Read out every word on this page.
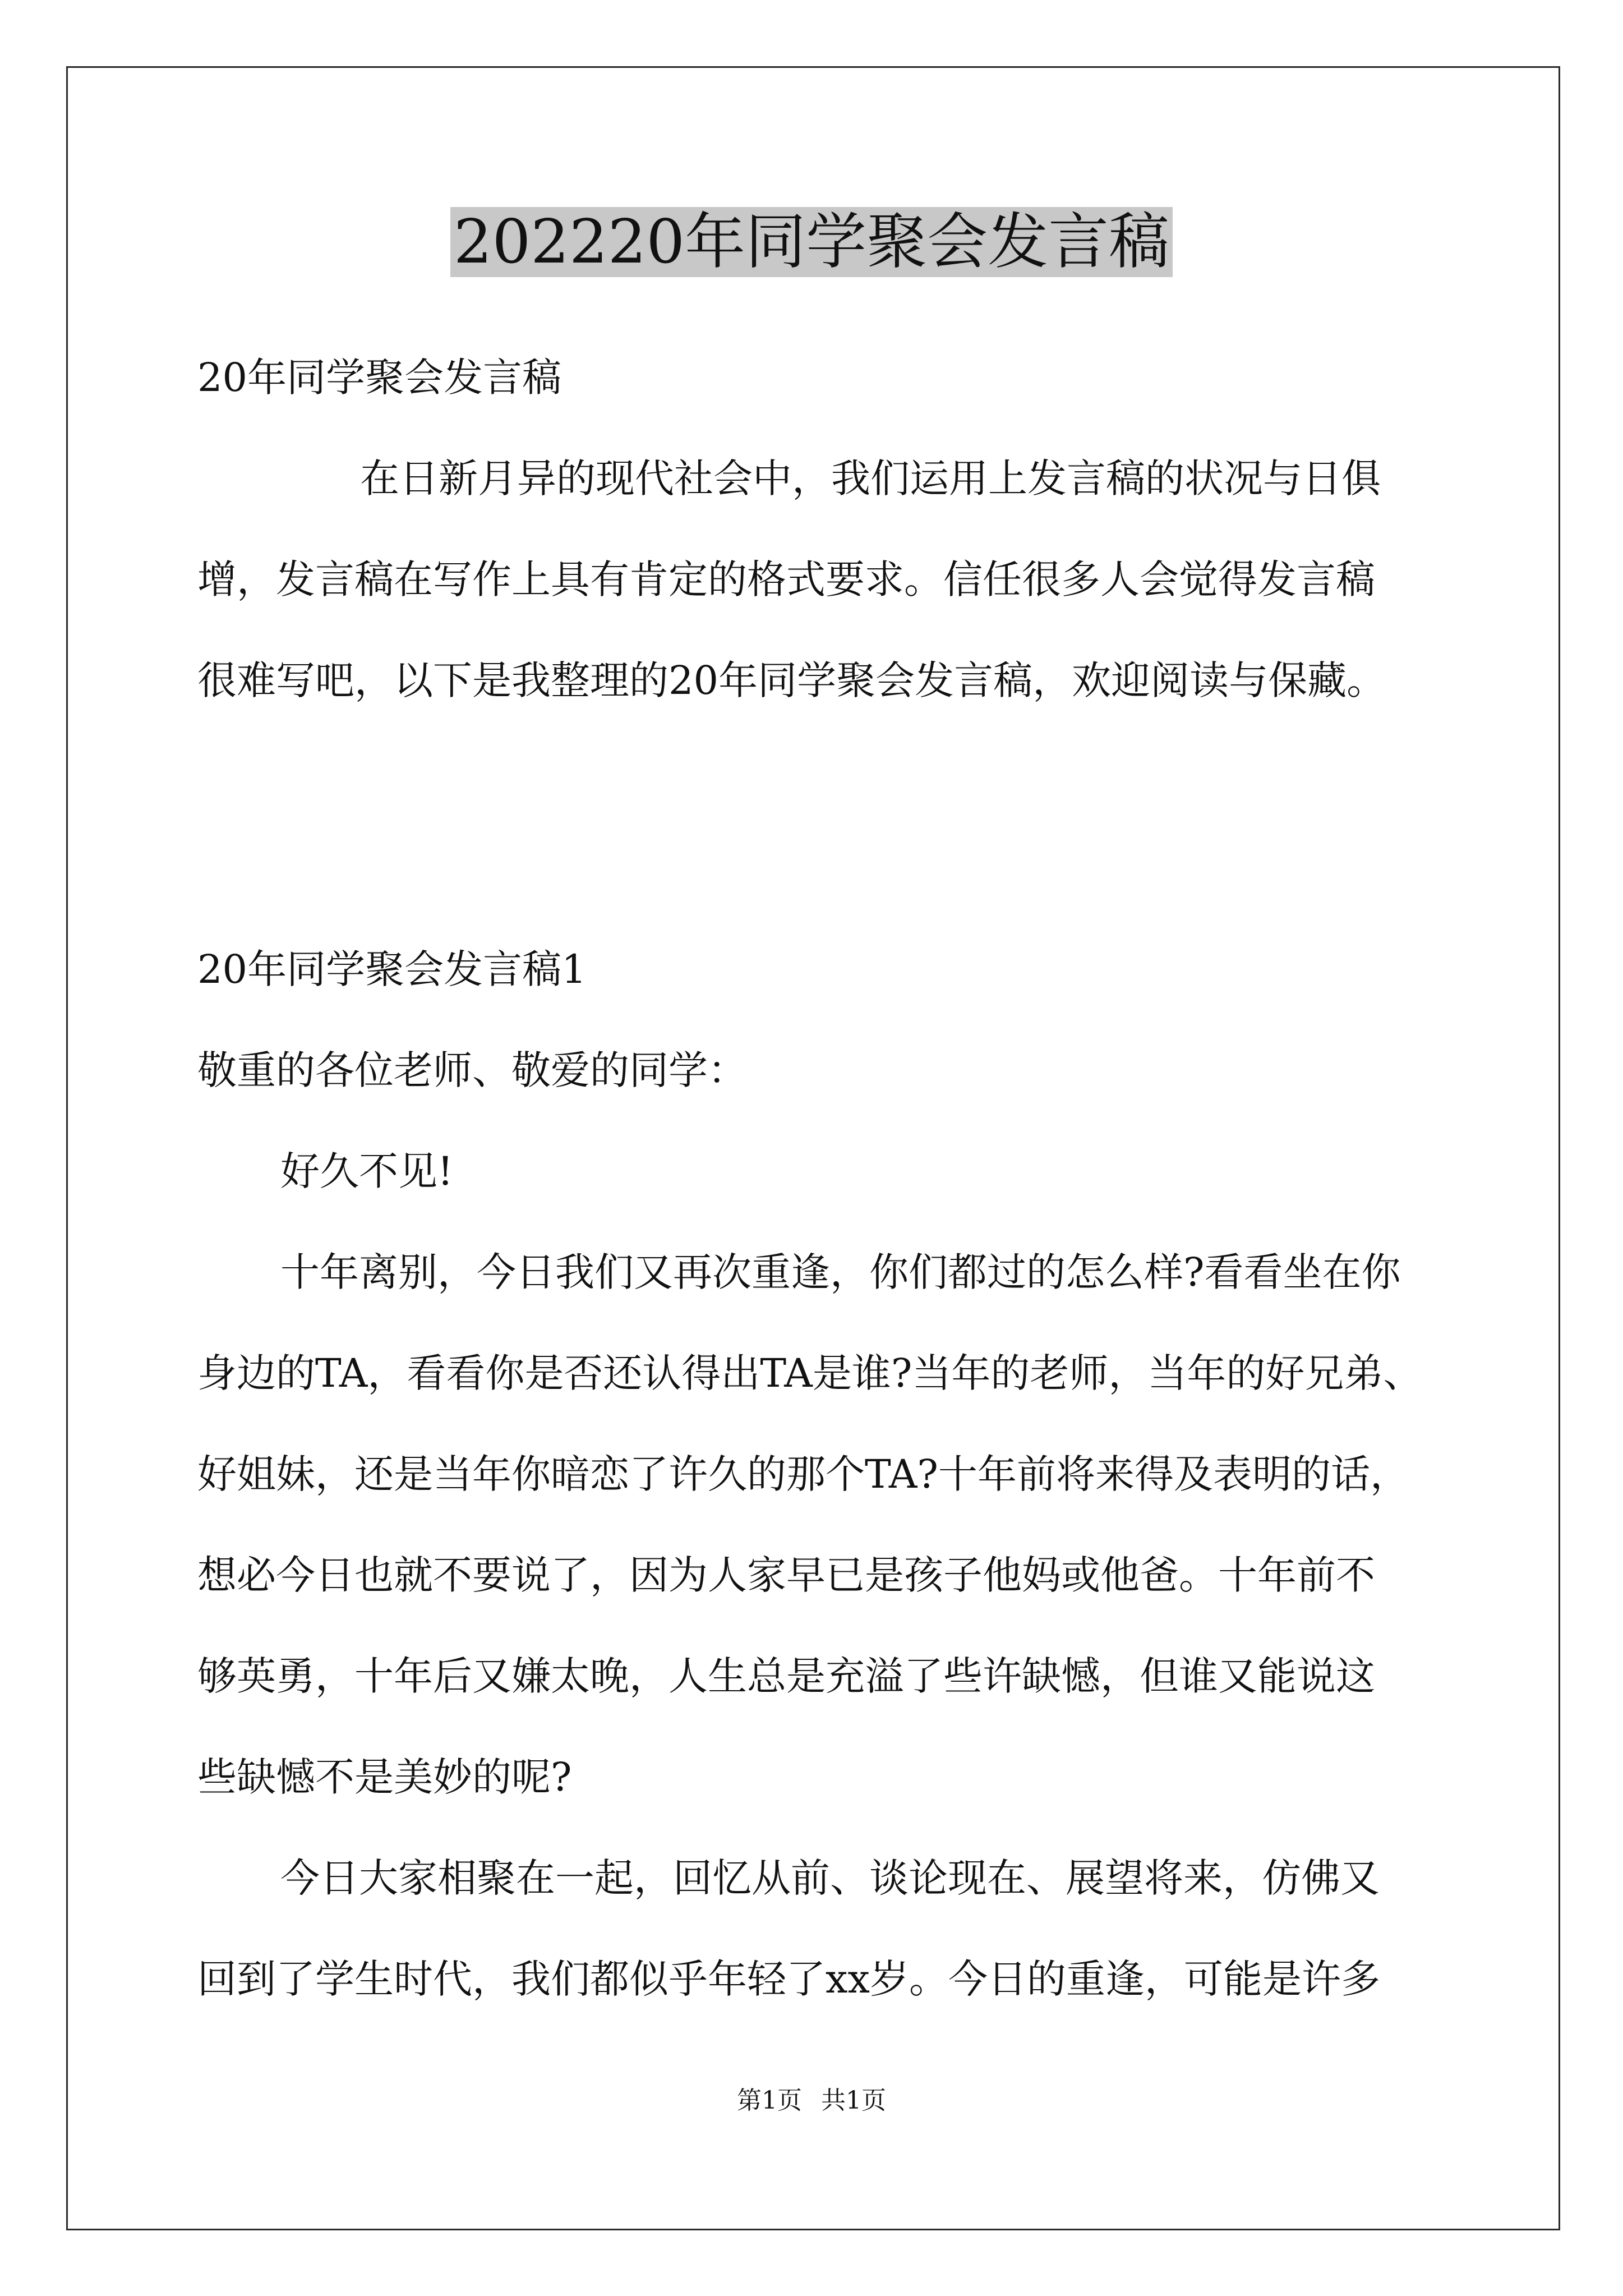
202220年同学聚会发言稿

20年同学聚会发言稿

在日新月异的现代社会中，我们运用上发言稿的状况与日俱

增，发言稿在写作上具有肯定的格式要求。信任很多人会觉得发言稿

很难写吧，以下是我整理的20年同学聚会发言稿，欢迎阅读与保藏。

20年同学聚会发言稿1

敬重的各位老师、敬爱的同学：

好久不见!

十年离别，今日我们又再次重逢，你们都过的怎么样?看看坐在你

身边的TA，看看你是否还认得出TA是谁?当年的老师，当年的好兄弟、

好姐妹，还是当年你暗恋了许久的那个TA?十年前将来得及表明的话，

想必今日也就不要说了，因为人家早已是孩子他妈或他爸。十年前不

够英勇，十年后又嫌太晚，人生总是充溢了些许缺憾，但谁又能说这

些缺憾不是美妙的呢?

今日大家相聚在一起，回忆从前、谈论现在、展望将来，仿佛又

回到了学生时代，我们都似乎年轻了xx岁。今日的重逢，可能是许多

第1页 共1页
